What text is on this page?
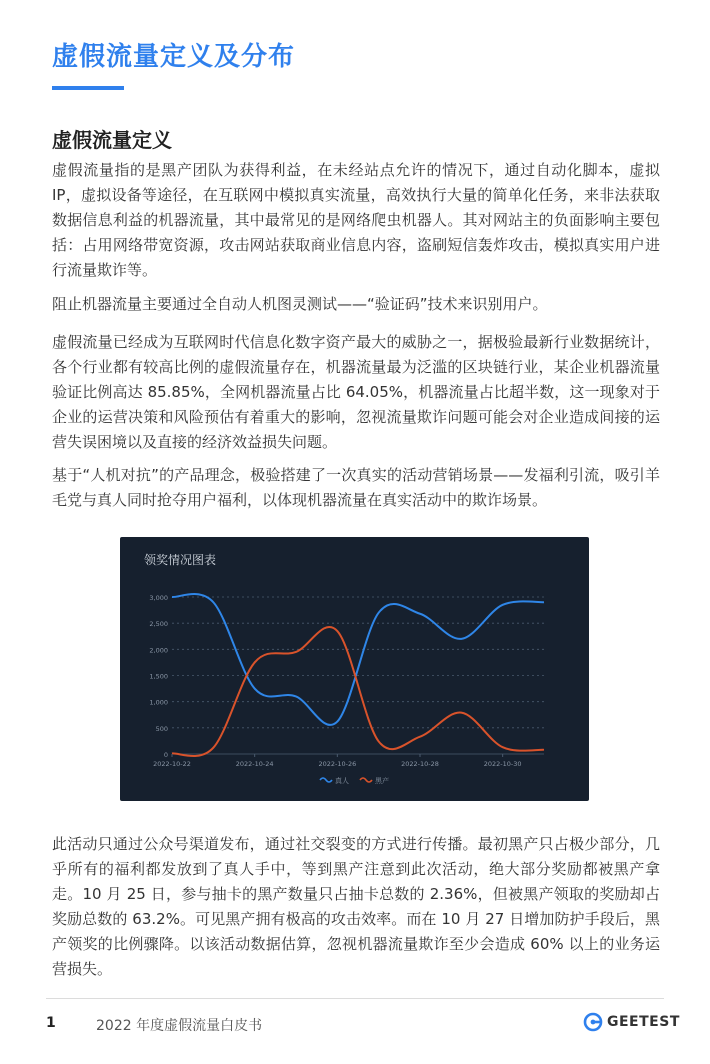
虚假流量定义及分布
虚假流量定义

虚假流量指的是黑产团队为获得利益，在未经站点允许的情况下，通过自动化脚本，虚拟IP，虚拟设备等途径，在互联网中模拟真实流量，高效执行大量的简单化任务，来非法获取数据信息利益的机器流量，其中最常见的是网络爬虫机器人。其对网站主的负面影响主要包括：占用网络带宽资源，攻击网站获取商业信息内容，盗刷短信轰炸攻击，模拟真实用户进行流量欺诈等。

阻止机器流量主要通过全自动人机图灵测试——“验证码”技术来识别用户。

虚假流量已经成为互联网时代信息化数字资产最大的威胁之一，据极验最新行业数据统计，各个行业都有较高比例的虚假流量存在，机器流量最为泛滥的区块链行业，某企业机器流量验证比例高达 85.85%，全网机器流量占比 64.05%，机器流量占比超半数，这一现象对于企业的运营决策和风险预估有着重大的影响，忽视流量欺诈问题可能会对企业造成间接的运营失误困境以及直接的经济效益损失问题。

基于“人机对抗”的产品理念，极验搭建了一次真实的活动营销场景——发福利引流，吸引羊毛党与真人同时抢夺用户福利，以体现机器流量在真实活动中的欺诈场景。

领奖情况图表
0
500
1,000
1,500
2,000
2,500
3,000
2022-10-22	2022-10-24	2022-10-26	2022-10-28	2022-10-30
真人	黑产

此活动只通过公众号渠道发布，通过社交裂变的方式进行传播。最初黑产只占极少部分，几乎所有的福利都发放到了真人手中，等到黑产注意到此次活动，绝大部分奖励都被黑产拿走。10 月 25 日，参与抽卡的黑产数量只占抽卡总数的 2.36%，但被黑产领取的奖励却占奖励总数的 63.2%。可见黑产拥有极高的攻击效率。而在 10 月 27 日增加防护手段后，黑产领奖的比例骤降。以该活动数据估算，忽视机器流量欺诈至少会造成 60% 以上的业务运营损失。

1	2022 年度虚假流量白皮书	GEETEST
